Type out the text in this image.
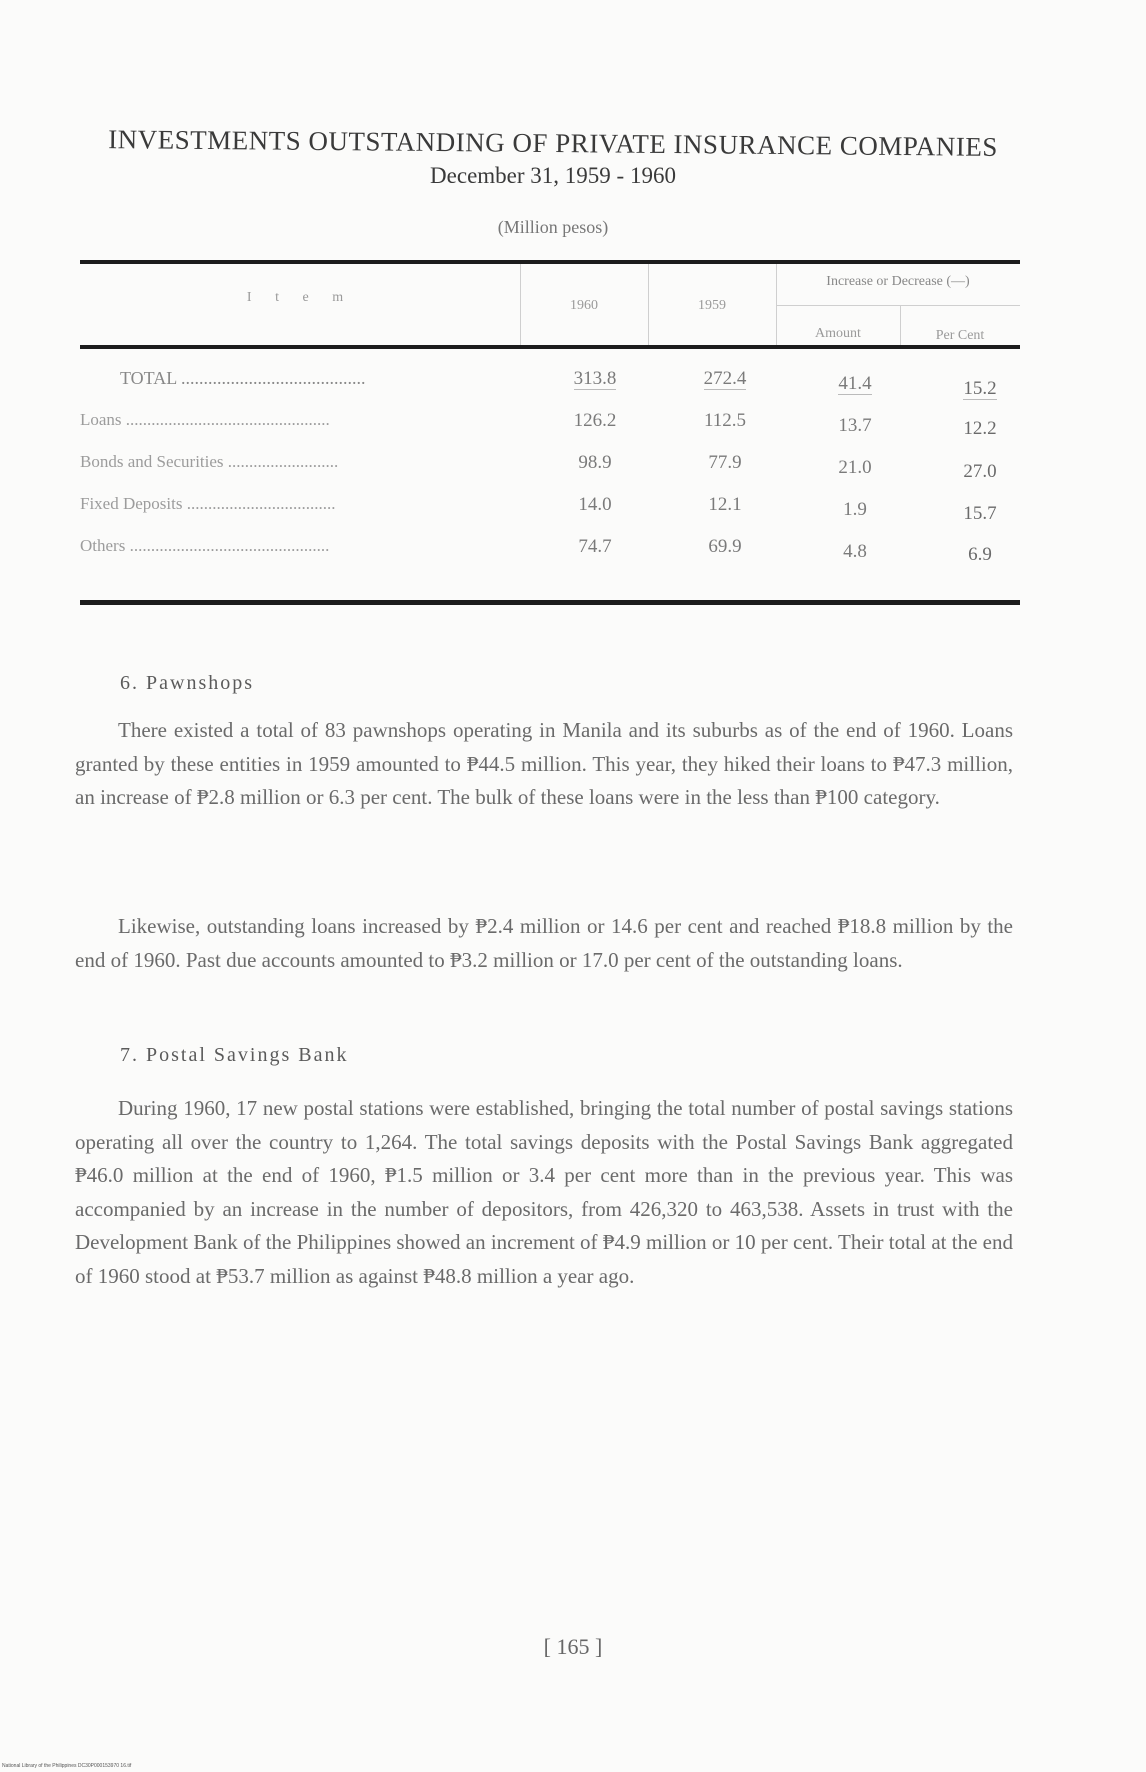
INVESTMENTS OUTSTANDING OF PRIVATE INSURANCE COMPANIES
December 31, 1959 - 1960
(Million pesos)
I t e m
1960	1959
Increase or Decrease (—)
Amount	Per Cent
TOTAL .........................................	313.8	272.4	41.4	15.2
Loans ................................................	126.2	112.5	13.7	12.2
Bonds and Securities ..........................	98.9	77.9	21.0	27.0
Fixed Deposits ...................................	14.0	12.1	1.9	15.7
Others ...............................................	74.7	69.9	4.8	6.9
6. Pawnshops

There existed a total of 83 pawnshops operating in Manila and its suburbs as of the end of 1960. Loans granted by these entities in 1959 amounted to ₱44.5 million. This year, they hiked their loans to ₱47.3 million, an increase of ₱2.8 million or 6.3 per cent. The bulk of these loans were in the less than ₱100 category.

Likewise, outstanding loans increased by ₱2.4 million or 14.6 per cent and reached ₱18.8 million by the end of 1960. Past due accounts amounted to ₱3.2 million or 17.0 per cent of the outstanding loans.

7. Postal Savings Bank

During 1960, 17 new postal stations were established, bringing the total number of postal savings stations operating all over the country to 1,264. The total savings deposits with the Postal Savings Bank aggregated ₱46.0 million at the end of 1960, ₱1.5 million or 3.4 per cent more than in the previous year. This was accompanied by an increase in the number of depositors, from 426,320 to 463,538. Assets in trust with the Development Bank of the Philippines showed an increment of ₱4.9 million or 10 per cent. Their total at the end of 1960 stood at ₱53.7 million as against ₱48.8 million a year ago.

[ 165 ]
National Library of the Philippines DC30P000153970 16.tif
